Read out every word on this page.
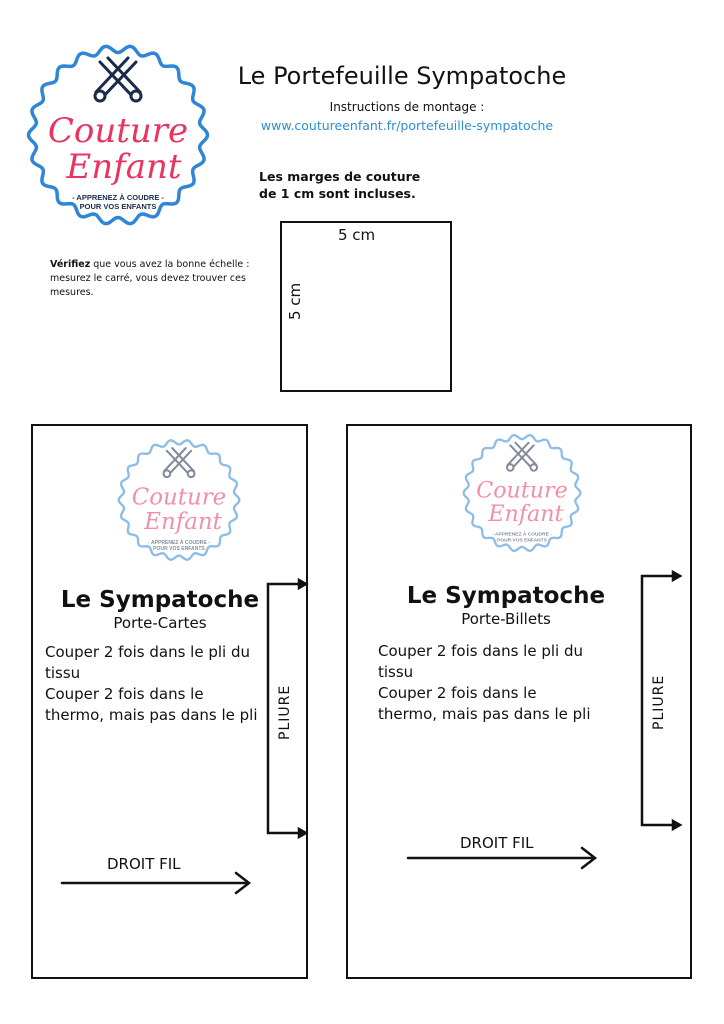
Couture
Enfant
- APPRENEZ À COUDRE -
POUR VOS ENFANTS
Le Portefeuille Sympatoche
Instructions de montage :
www.coutureenfant.fr/portefeuille-sympatoche
Les marges de couture
de 1 cm sont incluses.
Vérifiez que vous avez la bonne échelle : mesurez le carré, vous devez trouver ces mesures.
5 cm
5 cm
Couture
Enfant
- APPRENEZ À COUDRE -
POUR VOS ENFANTS
Le Sympatoche
Porte-Cartes
Couper 2 fois dans le pli du
tissu
Couper 2 fois dans le
thermo, mais pas dans le pli	PLIURE
DROIT FIL
Couture
Enfant
- APPRENEZ À COUDRE -
POUR VOS ENFANTS
Le Sympatoche
Porte-Billets
Couper 2 fois dans le pli du
tissu
Couper 2 fois dans le
thermo, mais pas dans le pli	PLIURE
DROIT FIL
